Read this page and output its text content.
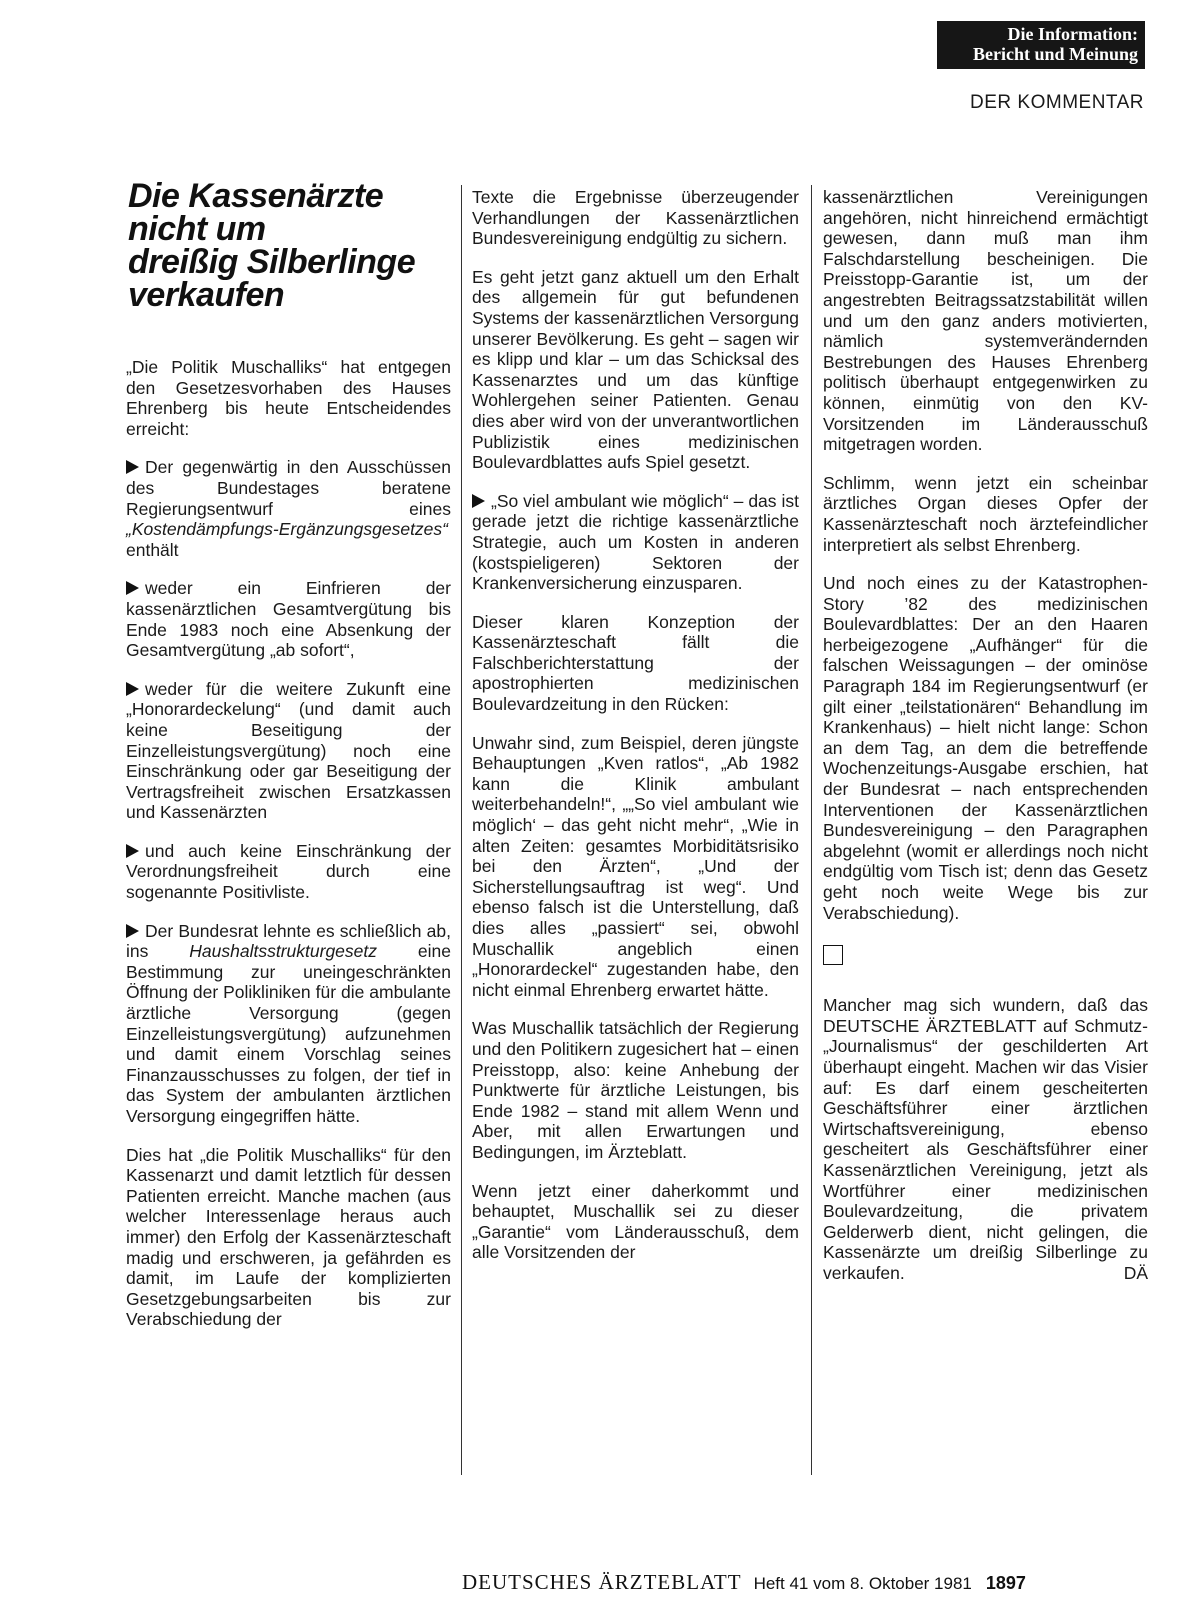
Die Information:
Bericht und Meinung
DER KOMMENTAR
Die Kassenärzte
nicht um
dreißig Silberlinge
verkaufen

„Die Politik Muschalliks“ hat entgegen den Gesetzesvorhaben des Hauses Ehrenberg bis heute Entscheidendes erreicht:

Der gegenwärtig in den Ausschüssen des Bundestages beratene Regierungsentwurf eines „Kostendämpfungs-Ergänzungsgesetzes“ enthält

weder ein Einfrieren der kassenärztlichen Gesamtvergütung bis Ende 1983 noch eine Absenkung der Gesamtvergütung „ab sofort“,

weder für die weitere Zukunft eine „Honorardeckelung“ (und damit auch keine Beseitigung der Einzelleistungsvergütung) noch eine Einschränkung oder gar Beseitigung der Vertragsfreiheit zwischen Ersatzkassen und Kassenärzten

und auch keine Einschränkung der Verordnungsfreiheit durch eine sogenannte Positivliste.

Der Bundesrat lehnte es schließlich ab, ins Haushaltsstrukturgesetz eine Bestimmung zur uneingeschränkten Öffnung der Polikliniken für die ambulante ärztliche Versorgung (gegen Einzelleistungsvergütung) aufzunehmen und damit einem Vorschlag seines Finanzausschusses zu folgen, der tief in das System der ambulanten ärztlichen Versorgung eingegriffen hätte.

Dies hat „die Politik Muschalliks“ für den Kassenarzt und damit letztlich für dessen Patienten erreicht. Manche machen (aus welcher Interessenlage heraus auch immer) den Erfolg der Kassenärzteschaft madig und erschweren, ja gefährden es damit, im Laufe der komplizierten Gesetzgebungsarbeiten bis zur Verabschiedung der

Texte die Ergebnisse überzeugender Verhandlungen der Kassenärztlichen Bundesvereinigung endgültig zu sichern.

Es geht jetzt ganz aktuell um den Erhalt des allgemein für gut befundenen Systems der kassenärztlichen Versorgung unserer Bevölkerung. Es geht – sagen wir es klipp und klar – um das Schicksal des Kassenarztes und um das künftige Wohlergehen seiner Patienten. Genau dies aber wird von der unverantwortlichen Publizistik eines medizinischen Boulevardblattes aufs Spiel gesetzt.

„So viel ambulant wie möglich“ – das ist gerade jetzt die richtige kassenärztliche Strategie, auch um Kosten in anderen (kostspieligeren) Sektoren der Krankenversicherung einzusparen.

Dieser klaren Konzeption der Kassenärzteschaft fällt die Falschberichterstattung der apostrophierten medizinischen Boulevardzeitung in den Rücken:

Unwahr sind, zum Beispiel, deren jüngste Behauptungen „Kven ratlos“, „Ab 1982 kann die Klinik ambulant weiterbehandeln!“, „„So viel ambulant wie möglich‘ – das geht nicht mehr“, „Wie in alten Zeiten: gesamtes Morbiditätsrisiko bei den Ärzten“, „Und der Sicherstellungsauftrag ist weg“. Und ebenso falsch ist die Unterstellung, daß dies alles „passiert“ sei, obwohl Muschallik angeblich einen „Honorardeckel“ zugestanden habe, den nicht einmal Ehrenberg erwartet hätte.

Was Muschallik tatsächlich der Regierung und den Politikern zugesichert hat – einen Preisstopp, also: keine Anhebung der Punktwerte für ärztliche Leistungen, bis Ende 1982 – stand mit allem Wenn und Aber, mit allen Erwartungen und Bedingungen, im Ärzteblatt.

Wenn jetzt einer daherkommt und behauptet, Muschallik sei zu dieser „Garantie“ vom Länderausschuß, dem alle Vorsitzenden der

kassenärztlichen Vereinigungen angehören, nicht hinreichend ermächtigt gewesen, dann muß man ihm Falschdarstellung bescheinigen. Die Preisstopp-Garantie ist, um der angestrebten Beitragssatzstabilität willen und um den ganz anders motivierten, nämlich systemverändernden Bestrebungen des Hauses Ehrenberg politisch überhaupt entgegenwirken zu können, einmütig von den KV-Vorsitzenden im Länderausschuß mitgetragen worden.

Schlimm, wenn jetzt ein scheinbar ärztliches Organ dieses Opfer der Kassenärzteschaft noch ärztefeindlicher interpretiert als selbst Ehrenberg.

Und noch eines zu der Katastrophen-Story ’82 des medizinischen Boulevardblattes: Der an den Haaren herbeigezogene „Aufhänger“ für die falschen Weissagungen – der ominöse Paragraph 184 im Regierungsentwurf (er gilt einer „teilstationären“ Behandlung im Krankenhaus) – hielt nicht lange: Schon an dem Tag, an dem die betreffende Wochenzeitungs-Ausgabe erschien, hat der Bundesrat – nach entsprechenden Interventionen der Kassenärztlichen Bundesvereinigung – den Paragraphen abgelehnt (womit er allerdings noch nicht endgültig vom Tisch ist; denn das Gesetz geht noch weite Wege bis zur Verabschiedung).

Mancher mag sich wundern, daß das DEUTSCHE ÄRZTEBLATT auf Schmutz-„Journalismus“ der geschilderten Art überhaupt eingeht. Machen wir das Visier auf: Es darf einem gescheiterten Geschäftsführer einer ärztlichen Wirtschaftsvereinigung, ebenso gescheitert als Geschäftsführer einer Kassenärztlichen Vereinigung, jetzt als Wortführer einer medizinischen Boulevardzeitung, die privatem Gelderwerb dient, nicht gelingen, die Kassenärzte um dreißig Silberlinge zu verkaufen.	DÄ

DEUTSCHES ÄRZTEBLATT Heft 41 vom 8. Oktober 1981 1897
